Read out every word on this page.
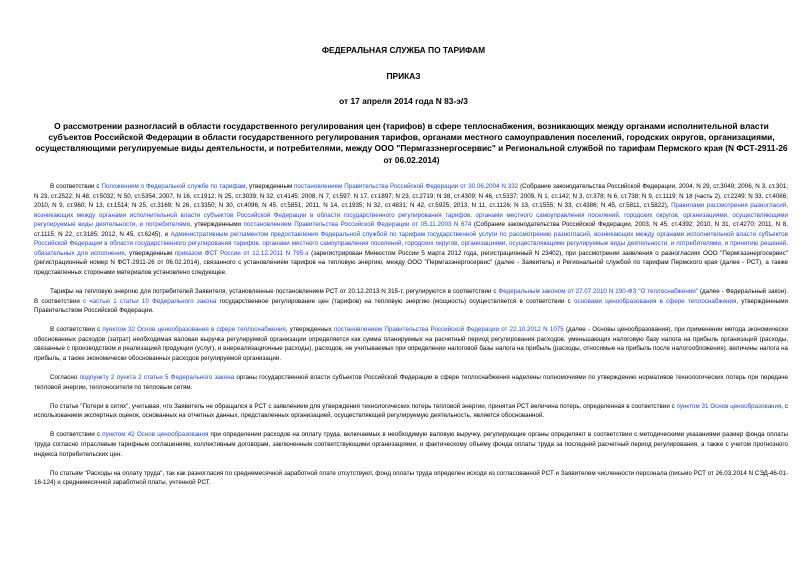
ФЕДЕРАЛЬНАЯ СЛУЖБА ПО ТАРИФАМ
ПРИКАЗ
от 17 апреля 2014 года N 83-э/3
О рассмотрении разногласий в области государственного регулирования цен (тарифов) в сфере теплоснабжения, возникающих между органами исполнительной власти субъектов Российской Федерации в области государственного регулирования тарифов, органами местного самоуправления поселений, городских округов, организациями, осуществляющими регулируемые виды деятельности, и потребителями, между ООО "Пермгазэнергосервис" и Региональной службой по тарифам Пермского края (N ФСТ-2911-26 от 06.02.2014)

В соответствии с Положением о Федеральной службе по тарифам, утвержденным постановлением Правительства Российской Федерации от 30.06.2004 N 332 (Собрание законодательства Российской Федерации, 2004, N 29, ст.3049; 2006, N 3, ст.301; N 23, ст.2522; N 48, ст.5032; N 50, ст.5354; 2007, N 16, ст.1912; N 25, ст.3039; N 32, ст.4145; 2008, N 7, ст.597; N 17, ст.1897; N 23, ст.2719; N 38, ст.4309; N 46, ст.5337; 2009, N 1, ст.142; N 3, ст.378; N 6, ст.738; N 9, ст.1119; N 18 (часть 2), ст.2249; N 33, ст.4086; 2010, N 9, ст.960; N 13, ст.1514; N 25, ст.3169; N 26, ст.3350; N 30, ст.4096; N 45, ст.5851; 2011, N 14, ст.1935; N 32, ст.4831; N 42, ст.5925; 2013, N 11, ст.1126; N 13, ст.1555; N 33, ст.4386; N 45, ст.5811, ст.5822), Правилами рассмотрения разногласий, возникающих между органами исполнительной власти субъектов Российской Федерации в области государственного регулирования тарифов, органами местного самоуправления поселений, городских округов, организациями, осуществляющими регулируемые виды деятельности, и потребителями, утвержденными постановлением Правительства Российской Федерации от 05.11.2003 N 674 (Собрание законодательства Российской Федерации, 2003, N 45, ст.4392; 2010, N 31, ст.4270; 2011, N 8, ст.1115; N 22, ст.3185; 2012, N 45, ст.6245), и Административным регламентом предоставления Федеральной службой по тарифам государственной услуги по рассмотрению разногласий, возникающих между органами исполнительной власти субъектов Российской Федерации в области государственного регулирования тарифов, органами местного самоуправления поселений, городских округов, организациями, осуществляющими регулируемые виды деятельности, и потребителями, и принятию решений, обязательных для исполнения, утвержденным приказом ФСТ России от 12.12.2011 N 795-э (зарегистрирован Минюстом России 5 марта 2012 года, регистрационный N 23402), при рассмотрении заявления о разногласиях ООО "Пермгазэнергосервис" (регистрационный номер N ФСТ-2911-26 от 06.02.2014), связанного с установлением тарифов на тепловую энергию, между ООО "Пермгазэнергосервис" (далее - Заявитель) и Региональной службой по тарифам Пермского края (далее - РСТ), а также представленных сторонами материалов установлено следующее.

Тарифы на тепловую энергию для потребителей Заявителя, установленные постановлением РСТ от 20.12.2013 N 315-т, регулируются в соответствии с Федеральным законом от 27.07.2010 N 190-ФЗ "О теплоснабжении" (далее - Федеральный закон). В соответствии с частью 1 статьи 10 Федерального закона государственное регулирование цен (тарифов) на тепловую энергию (мощность) осуществляется в соответствии с основами ценообразования в сфере теплоснабжения, утвержденными Правительством Российской Федерации.

В соответствии с пунктом 32 Основ ценообразования в сфере теплоснабжения, утвержденных постановлением Правительства Российской Федерации от 22.10.2012 N 1075 (далее - Основы ценообразования), при применении метода экономически обоснованных расходов (затрат) необходимая валовая выручка регулируемой организации определяется как сумма планируемых на расчетный период регулирования расходов, уменьшающих налоговую базу налога на прибыль организаций (расходы, связанные с производством и реализацией продукции (услуг), и внереализационные расходы), расходов, не учитываемых при определении налоговой базы налога на прибыль (расходы, относимые на прибыль после налогообложения), величины налога на прибыль, а также экономически обоснованных расходов регулируемой организации.

Согласно подпункту 2 пункта 2 статьи 5 Федерального закона органы государственной власти субъектов Российской Федерации в сфере теплоснабжения наделены полномочиями по утверждению нормативов технологических потерь при передаче тепловой энергии, теплоносителя по тепловым сетям.

По статье "Потери в сетях", учитывая, что Заявитель не обращался в РСТ с заявлением для утверждения технологических потерь тепловой энергии, принятая РСТ величина потерь, определенная в соответствии с пунктом 31 Основ ценообразования, с использованием экспертных оценок, основанных на отчетных данных, представленных организацией, осуществляющей регулируемую деятельность, является обоснованной.

В соответствии с пунктом 42 Основ ценообразования при определении расходов на оплату труда, включаемых в необходимую валовую выручку, регулирующие органы определяют в соответствии с методическими указаниями размер фонда оплаты труда согласно отраслевым тарифным соглашениям, коллективным договорам, заключенным соответствующими организациями, и фактическому объему фонда оплаты труда за последний расчетный период регулирования, а также с учетом прогнозного индекса потребительских цен.

По статьям "Расходы на оплату труда", так как разногласия по среднемесячной заработной плате отсутствуют, фонд оплаты труда определен исходя из согласованной РСТ и Заявителем численности персонала (письмо РСТ от 26.03.2014 N СЭД-46-01-16-124) и среднемесячной заработной платы, учтенной РСТ.
